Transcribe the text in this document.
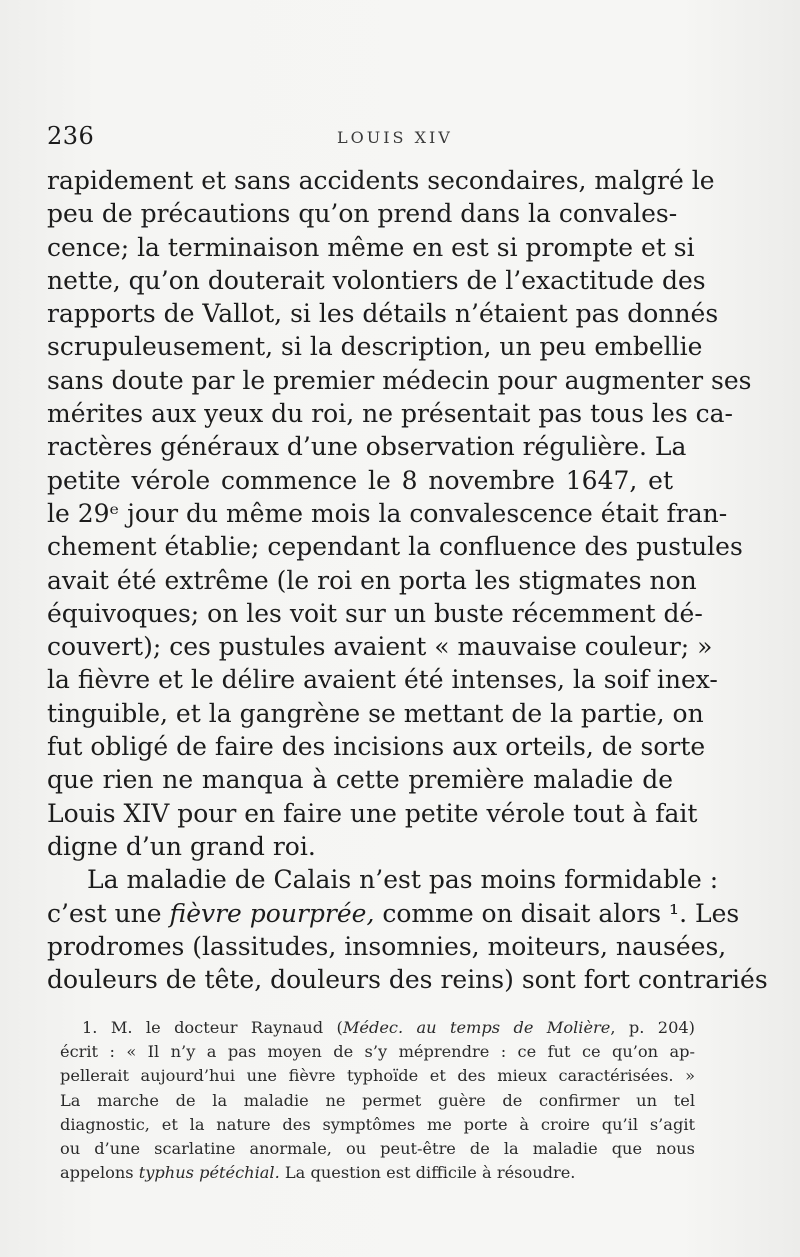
236	LOUIS XIV
rapidement et sans accidents secondaires, malgré le
peu de précautions qu’on prend dans la convales-
cence; la terminaison même en est si prompte et si
nette, qu’on douterait volontiers de l’exactitude des
rapports de Vallot, si les détails n’étaient pas donnés
scrupuleusement, si la description, un peu embellie
sans doute par le premier médecin pour augmenter ses
mérites aux yeux du roi, ne présentait pas tous les ca-
ractères généraux d’une observation régulière. La
petite vérole commence le 8 novembre 1647, et
le 29ᵉ jour du même mois la convalescence était fran-
chement établie; cependant la confluence des pustules
avait été extrême (le roi en porta les stigmates non
équivoques; on les voit sur un buste récemment dé-
couvert); ces pustules avaient « mauvaise couleur; »
la fièvre et le délire avaient été intenses, la soif inex-
tinguible, et la gangrène se mettant de la partie, on
fut obligé de faire des incisions aux orteils, de sorte
que rien ne manqua à cette première maladie de
Louis XIV pour en faire une petite vérole tout à fait
digne d’un grand roi.
La maladie de Calais n’est pas moins formidable :
c’est une fièvre pourprée, comme on disait alors ¹. Les
prodromes (lassitudes, insomnies, moiteurs, nausées,
douleurs de tête, douleurs des reins) sont fort contrariés
1. M. le docteur Raynaud (Médec. au temps de Molière, p. 204)
écrit : « Il n’y a pas moyen de s’y méprendre : ce fut ce qu’on ap-
pellerait aujourd’hui une fièvre typhoïde et des mieux caractérisées. »
La marche de la maladie ne permet guère de confirmer un tel
diagnostic, et la nature des symptômes me porte à croire qu’il s’agit
ou d’une scarlatine anormale, ou peut-être de la maladie que nous
appelons typhus pétéchial. La question est difficile à résoudre.
